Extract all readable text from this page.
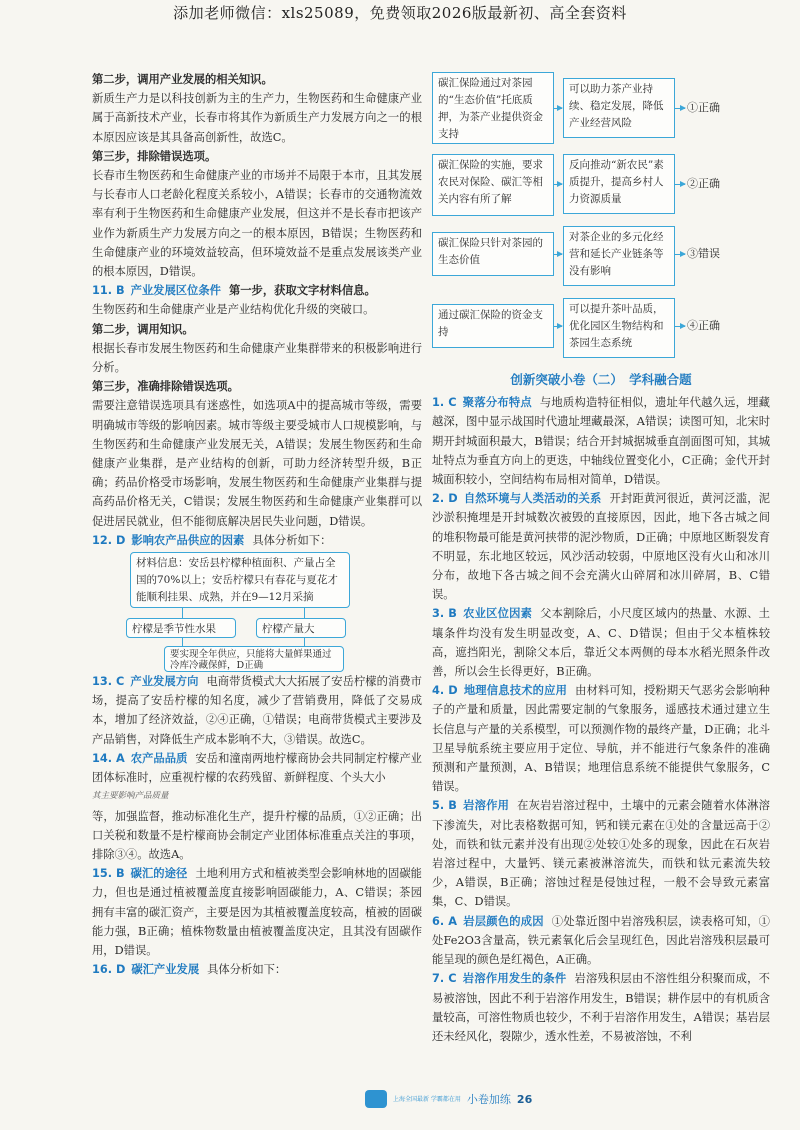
添加老师微信：xls25089，免费领取2026版最新初、高全套资料

第二步，调用产业发展的相关知识。

新质生产力是以科技创新为主的生产力，生物医药和生命健康产业属于高新技术产业，长春市将其作为新质生产力发展方向之一的根本原因应该是其具备高创新性，故选C。

第三步，排除错误选项。

长春市生物医药和生命健康产业的市场并不局限于本市，且其发展与长春市人口老龄化程度关系较小，A错误；长春市的交通物流效率有利于生物医药和生命健康产业发展，但这并不是长春市把该产业作为新质生产力发展方向之一的根本原因，B错误；生物医药和生命健康产业的环境效益较高，但环境效益不是重点发展该类产业的根本原因，D错误。

11. B 产业发展区位条件 第一步，获取文字材料信息。

生物医药和生命健康产业是产业结构优化升级的突破口。

第二步，调用知识。

根据长春市发展生物医药和生命健康产业集群带来的积极影响进行分析。

第三步，准确排除错误选项。

需要注意错误选项具有迷惑性，如选项A中的提高城市等级，需要明确城市等级的影响因素。城市等级主要受城市人口规模影响，与生物医药和生命健康产业发展无关，A错误；发展生物医药和生命健康产业集群，是产业结构的创新，可助力经济转型升级，B正确；药品价格受市场影响，发展生物医药和生命健康产业集群与提高药品价格无关，C错误；发展生物医药和生命健康产业集群可以促进居民就业，但不能彻底解决居民失业问题，D错误。

12. D 影响农产品供应的因素 具体分析如下：

材料信息：安岳县柠檬种植面积、产量占全国的70%以上；安岳柠檬只有春花与夏花才能顺利挂果、成熟，并在9—12月采摘
柠檬是季节性水果	柠檬产量大
要实现全年供应，只能将大量鲜果通过冷库冷藏保鲜，D正确

13. C 产业发展方向 电商带货模式大大拓展了安岳柠檬的消费市场，提高了安岳柠檬的知名度，减少了营销费用，降低了交易成本，增加了经济效益，②④正确，①错误；电商带货模式主要涉及产品销售，对降低生产成本影响不大，③错误。故选C。

14. A 农产品品质 安岳和潼南两地柠檬商协会共同制定柠檬产业团体标准时，应重视柠檬的农药残留、新鲜程度、个头大小

其主要影响产品质量

等，加强监督，推动标准化生产，提升柠檬的品质，①②正确；出口关税和数量不是柠檬商协会制定产业团体标准重点关注的事项，排除③④。故选A。

15. B 碳汇的途径 土地利用方式和植被类型会影响林地的固碳能力，但也是通过植被覆盖度直接影响固碳能力，A、C错误；茶园拥有丰富的碳汇资产，主要是因为其植被覆盖度较高，植被的固碳能力强，B正确；植株物数量由植被覆盖度决定，且其没有固碳作用，D错误。

16. D 碳汇产业发展 具体分析如下：

碳汇保险通过对茶园的“生态价值”托底质押，为茶产业提供资金支持
可以助力茶产业持续、稳定发展，降低产业经营风险
①正确
碳汇保险的实施，要求农民对保险、碳汇等相关内容有所了解
反向推动“新农民”素质提升，提高乡村人力资源质量
②正确
碳汇保险只针对茶园的生态价值
对茶企业的多元化经营和延长产业链条等没有影响
③错误
通过碳汇保险的资金支持
可以提升茶叶品质，优化园区生物结构和茶园生态系统
④正确
创新突破小卷（二）　学科融合题

1. C 聚落分布特点 与地质构造特征相似，遗址年代越久远，埋藏越深，图中显示战国时代遗址埋藏最深，A错误；读图可知，北宋时期开封城面积最大，B错误；结合开封城据城垂直剖面图可知，其城址特点为垂直方向上的更迭，中轴线位置变化小，C正确；金代开封城面积较小，空间结构布局相对简单，D错误。

2. D 自然环境与人类活动的关系 开封距黄河很近，黄河泛滥，泥沙淤积掩埋是开封城数次被毁的直接原因，因此，地下各古城之间的堆积物最可能是黄河挟带的泥沙物质，D正确；中原地区断裂发育不明显，东北地区较远，风沙活动较弱，中原地区没有火山和冰川分布，故地下各古城之间不会充满火山碎屑和冰川碎屑，B、C错误。

3. B 农业区位因素 父本割除后，小尺度区域内的热量、水源、土壤条件均没有发生明显改变，A、C、D错误；但由于父本植株较高，遮挡阳光，割除父本后，靠近父本两侧的母本水稻光照条件改善，所以会生长得更好，B正确。

4. D 地理信息技术的应用 由材料可知，授粉期天气恶劣会影响种子的产量和质量，因此需要定制的气象服务，遥感技术通过建立生长信息与产量的关系模型，可以预测作物的最终产量，D正确；北斗卫星导航系统主要应用于定位、导航，并不能进行气象条件的准确预测和产量预测，A、B错误；地理信息系统不能提供气象服务，C错误。

5. B 岩溶作用 在灰岩岩溶过程中，土壤中的元素会随着水体淋溶下渗流失，对比表格数据可知，钙和镁元素在①处的含量远高于②处，而铁和钛元素并没有出现②处较①处多的现象，因此在石灰岩岩溶过程中，大量钙、镁元素被淋溶流失，而铁和钛元素流失较少，A错误，B正确；溶蚀过程是侵蚀过程，一般不会导致元素富集，C、D错误。

6. A 岩层颜色的成因 ①处靠近图中岩溶残积层，读表格可知，①处Fe2O3含量高，铁元素氧化后会呈现红色，因此岩溶残积层最可能呈现的颜色是红褐色，A正确。

7. C 岩溶作用发生的条件 岩溶残积层由不溶性组分积聚而成，不易被溶蚀，因此不利于岩溶作用发生，B错误；耕作层中的有机质含量较高，可溶性物质也较少，不利于岩溶作用发生，A错误；基岩层还未经风化，裂隙少，透水性差，不易被溶蚀，不利

上海全国最新 学霸都在用 小卷加练 26
